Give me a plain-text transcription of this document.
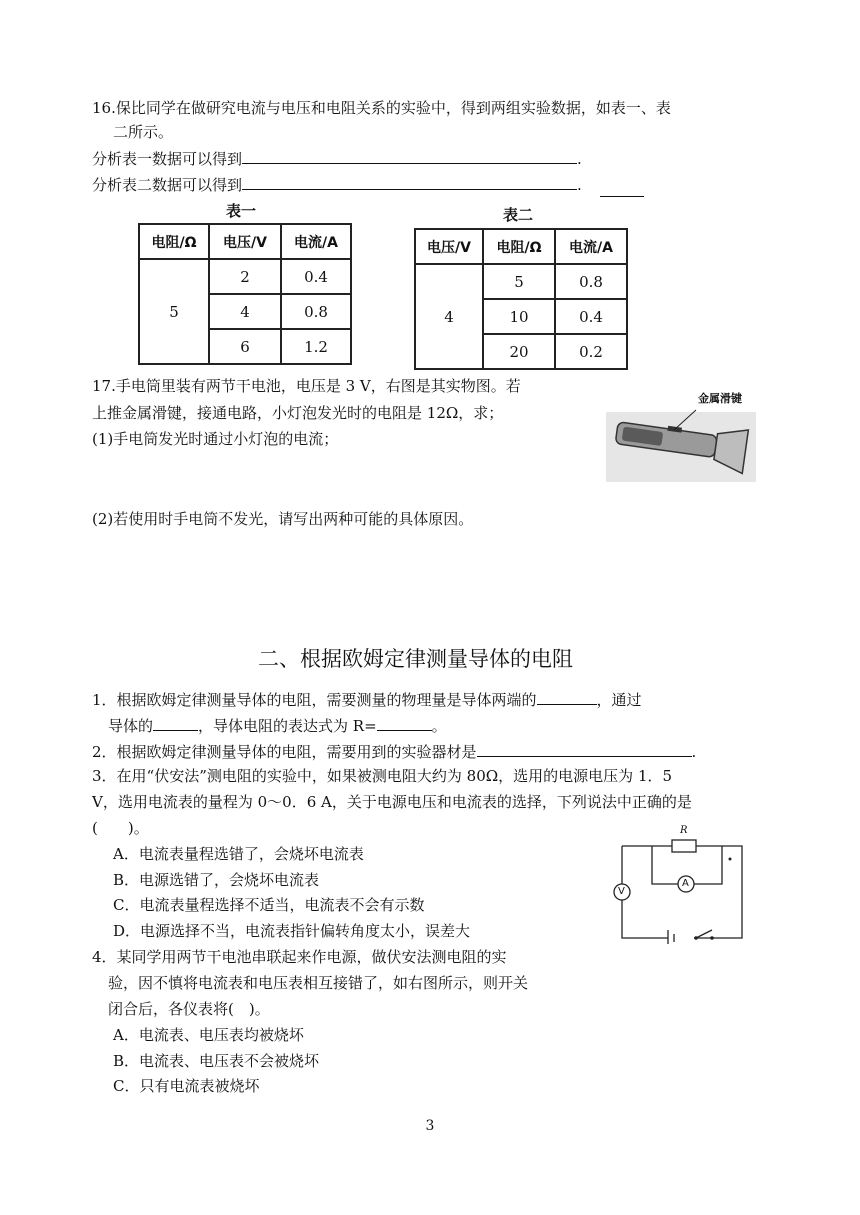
16.保比同学在做研究电流与电压和电阻关系的实验中，得到两组实验数据，如表一、表
二所示。
分析表一数据可以得到	.
分析表二数据可以得到	.
表一
电阻/Ω	电压/V	电流/A
5	2	0.4
	4	0.8
	6	1.2
表二
电压/V	电阻/Ω	电流/A
4	5	0.8
	10	0.4
	20	0.2
17.手电筒里装有两节干电池，电压是 3 V，右图是其实物图。若
上推金属滑键，接通电路，小灯泡发光时的电阻是 12Ω，求；
(1)手电筒发光时通过小灯泡的电流；
(2)若使用时手电筒不发光，请写出两种可能的具体原因。
金属滑键
二、根据欧姆定律测量导体的电阻
1．根据欧姆定律测量导体的电阻，需要测量的物理量是导体两端的	，通过
导体的	，导体电阻的表达式为 R=	。
2．根据欧姆定律测量导体的电阻，需要用到的实验器材是	.
3．在用“伏安法”测电阻的实验中，如果被测电阻大约为 80Ω，选用的电源电压为 1．5
V，选用电流表的量程为 0～0．6 A，关于电源电压和电流表的选择，下列说法中正确的是
(　　)。
A．电流表量程选错了，会烧坏电流表
B．电源选错了，会烧坏电流表
C．电流表量程选择不适当，电流表不会有示数
D．电源选择不当，电流表指针偏转角度太小，误差大
R
A
V
4．某同学用两节干电池串联起来作电源，做伏安法测电阻的实
验，因不慎将电流表和电压表相互接错了，如右图所示，则开关
闭合后，各仪表将(　)。
A．电流表、电压表均被烧坏
B．电流表、电压表不会被烧坏
C．只有电流表被烧坏
3
